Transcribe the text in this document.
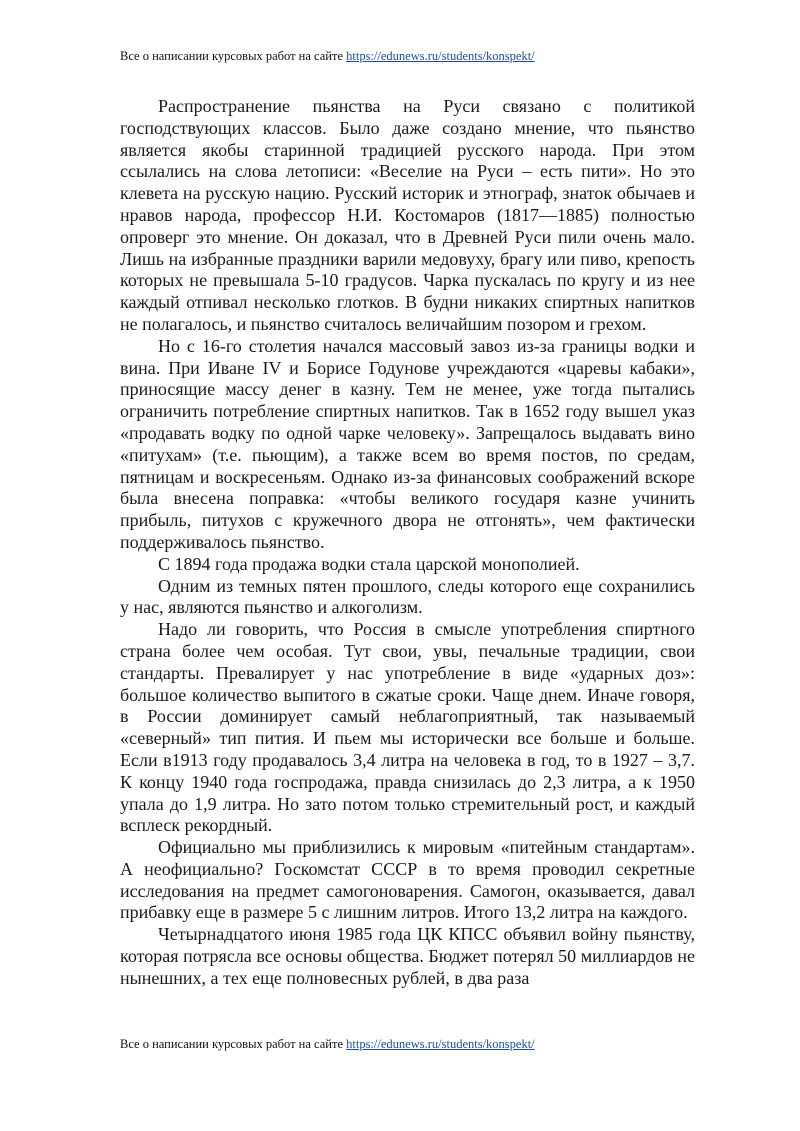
Все о написании курсовых работ на сайте https://edunews.ru/students/konspekt/

Распространение пьянства на Руси связано с политикой господствующих классов. Было даже создано мнение, что пьянство является якобы старинной традицией русского народа. При этом ссылались на слова летописи: «Веселие на Руси – есть пити». Но это клевета на русскую нацию. Русский историк и этнограф, знаток обычаев и нравов народа, профессор Н.И. Костомаров (1817—1885) полностью опроверг это мнение. Он доказал, что в Древней Руси пили очень мало. Лишь на избранные праздники варили медовуху, брагу или пиво, крепость которых не превышала 5-10 градусов. Чарка пускалась по кругу и из нее каждый отпивал несколько глотков. В будни никаких спиртных напитков не полагалось, и пьянство считалось величайшим позором и грехом.

Но с 16-го столетия начался массовый завоз из-за границы водки и вина. При Иване IV и Борисе Годунове учреждаются «царевы кабаки», приносящие массу денег в казну. Тем не менее, уже тогда пытались ограничить потребление спиртных напитков. Так в 1652 году вышел указ «продавать водку по одной чарке человеку». Запрещалось выдавать вино «питухам» (т.е. пьющим), а также всем во время постов, по средам, пятницам и воскресеньям. Однако из-за финансовых соображений вскоре была внесена поправка: «чтобы великого государя казне учинить прибыль, питухов с кружечного двора не отгонять», чем фактически поддерживалось пьянство.

С 1894 года продажа водки стала царской монополией.

Одним из темных пятен прошлого, следы которого еще сохранились у нас, являются пьянство и алкоголизм.

Надо ли говорить, что Россия в смысле употребления спиртного страна более чем особая. Тут свои, увы, печальные традиции, свои стандарты. Превалирует у нас употребление в виде «ударных доз»: большое количество выпитого в сжатые сроки. Чаще днем. Иначе говоря, в России доминирует самый неблагоприятный, так называемый «северный» тип пития. И пьем мы исторически все больше и больше. Если в1913 году продавалось 3,4 литра на человека в год, то в 1927 – 3,7. К концу 1940 года госпродажа, правда снизилась до 2,3 литра, а к 1950 упала до 1,9 литра. Но зато потом только стремительный рост, и каждый всплеск рекордный.

Официально мы приблизились к мировым «питейным стандартам». А неофициально? Госкомстат СССР в то время проводил секретные исследования на предмет самогоноварения. Самогон, оказывается, давал прибавку еще в размере 5 с лишним литров. Итого 13,2 литра на каждого.

Четырнадцатого июня 1985 года ЦК КПСС объявил войну пьянству, которая потрясла все основы общества. Бюджет потерял 50 миллиардов не нынешних, а тех еще полновесных рублей, в два раза

Все о написании курсовых работ на сайте https://edunews.ru/students/konspekt/
